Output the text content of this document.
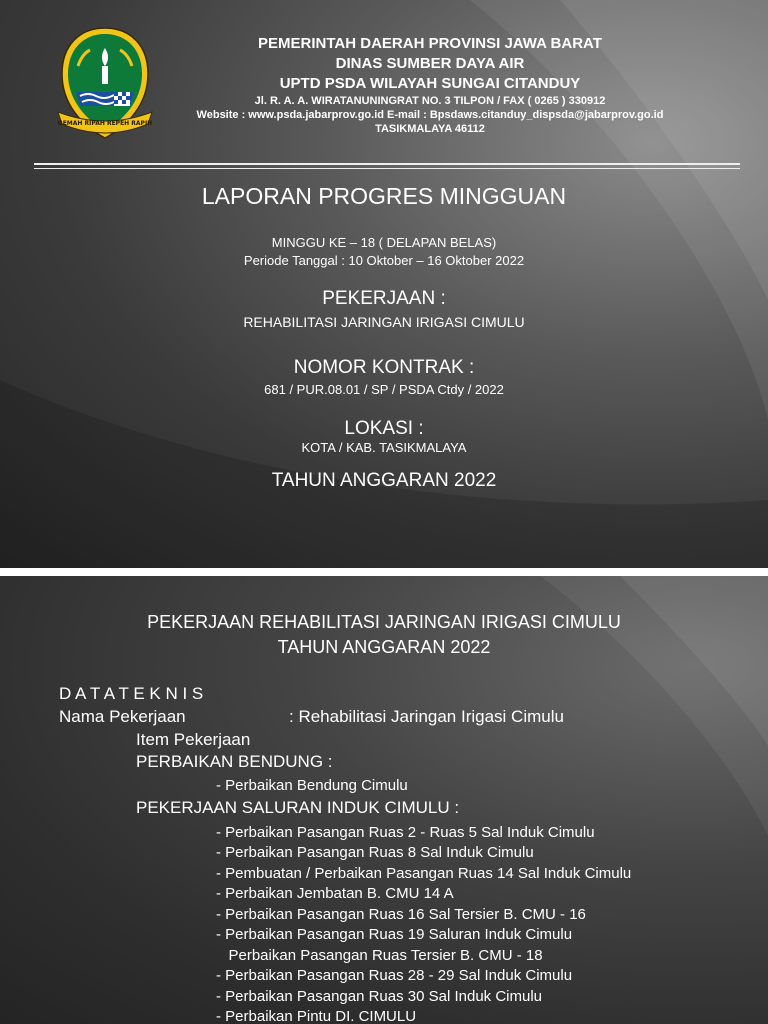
GEMAH RIPAH REPEH RAPIH
PEMERINTAH DAERAH PROVINSI JAWA BARAT
DINAS SUMBER DAYA AIR
UPTD PSDA WILAYAH SUNGAI CITANDUY
Jl. R. A. A. WIRATANUNINGRAT NO. 3 TILPON / FAX ( 0265 ) 330912
Website : www.psda.jabarprov.go.id E-mail : Bpsdaws.citanduy_dispsda@jabarprov.go.id
TASIKMALAYA 46112
LAPORAN PROGRES MINGGUAN
MINGGU KE – 18 ( DELAPAN BELAS)
Periode Tanggal : 10 Oktober – 16 Oktober 2022
PEKERJAAN :
REHABILITASI JARINGAN IRIGASI CIMULU
NOMOR KONTRAK :
681 / PUR.08.01 / SP / PSDA Ctdy / 2022
LOKASI :
KOTA / KAB. TASIKMALAYA
TAHUN ANGGARAN 2022
PEKERJAAN REHABILITASI JARINGAN IRIGASI CIMULU
TAHUN ANGGARAN 2022
D A T A T E K N I S
Nama Pekerjaan	: Rehabilitasi Jaringan Irigasi Cimulu
Item Pekerjaan
PERBAIKAN BENDUNG :
- Perbaikan Bendung Cimulu
PEKERJAAN SALURAN INDUK CIMULU :
- Perbaikan Pasangan Ruas 2 - Ruas 5 Sal Induk Cimulu
- Perbaikan Pasangan Ruas 8 Sal Induk Cimulu
- Pembuatan / Perbaikan Pasangan Ruas 14 Sal Induk Cimulu
- Perbaikan Jembatan B. CMU 14 A
- Perbaikan Pasangan Ruas 16 Sal Tersier B. CMU - 16
- Perbaikan Pasangan Ruas 19 Saluran Induk Cimulu
Perbaikan Pasangan Ruas Tersier B. CMU - 18
- Perbaikan Pasangan Ruas 28 - 29 Sal Induk Cimulu
- Perbaikan Pasangan Ruas 30 Sal Induk Cimulu
- Perbaikan Pintu DI. CIMULU
